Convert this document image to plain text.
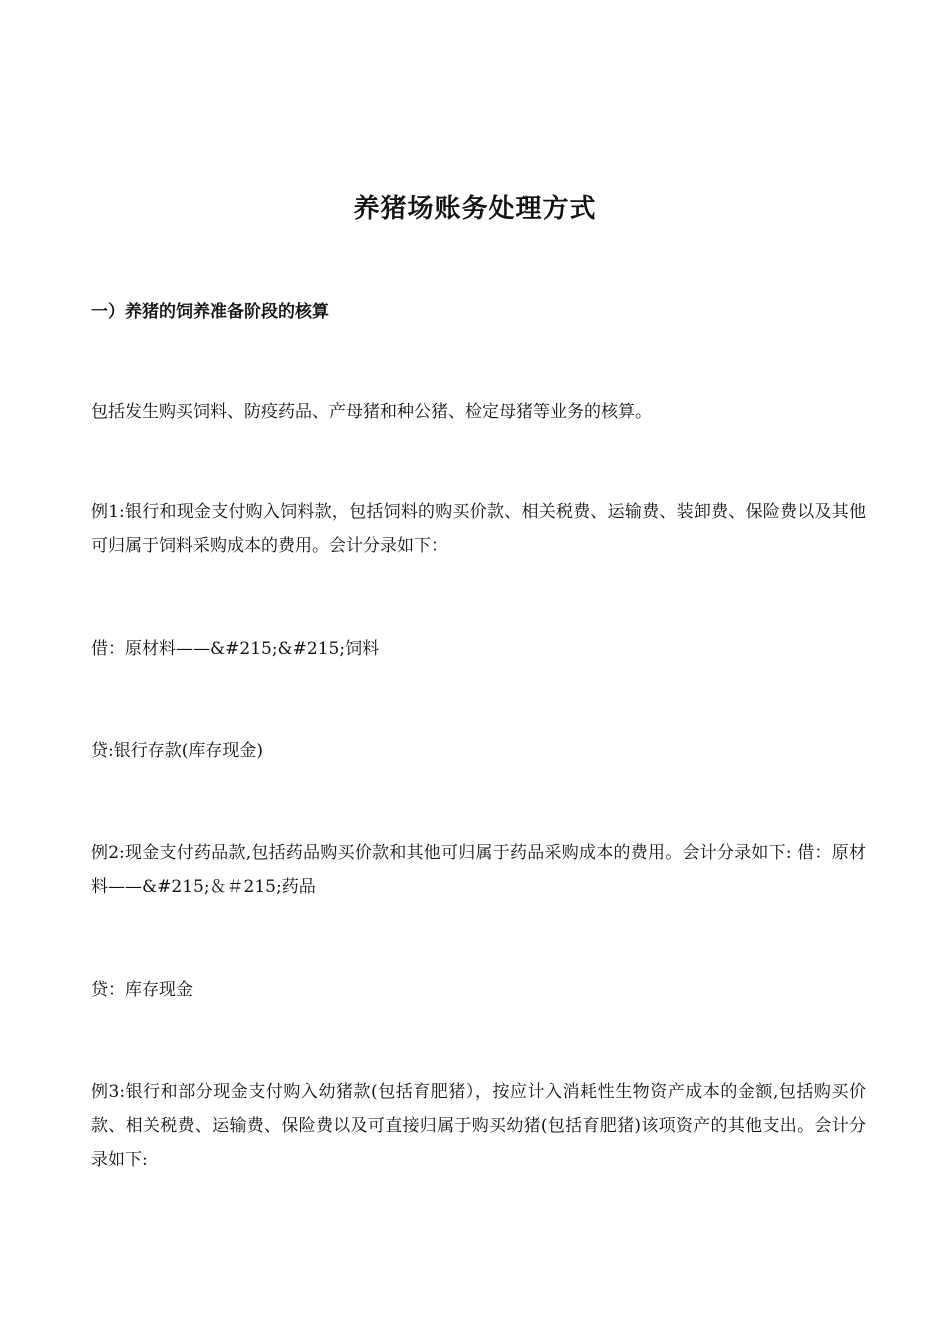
养猪场账务处理方式
一）养猪的饲养准备阶段的核算
包括发生购买饲料、防疫药品、产母猪和种公猪、检定母猪等业务的核算。
例1:银行和现金支付购入饲料款，包括饲料的购买价款、相关税费、运输费、装卸费、保险费以及其他可归属于饲料采购成本的费用。会计分录如下：
借：原材料——&#215;&#215;饲料
贷:银行存款(库存现金)
例2:现金支付药品款,包括药品购买价款和其他可归属于药品采购成本的费用。会计分录如下: 借：原材料——&#215;＆＃215;药品
贷：库存现金
例3:银行和部分现金支付购入幼猪款(包括育肥猪），按应计入消耗性生物资产成本的金额,包括购买价款、相关税费、运输费、保险费以及可直接归属于购买幼猪(包括育肥猪)该项资产的其他支出。会计分录如下:
